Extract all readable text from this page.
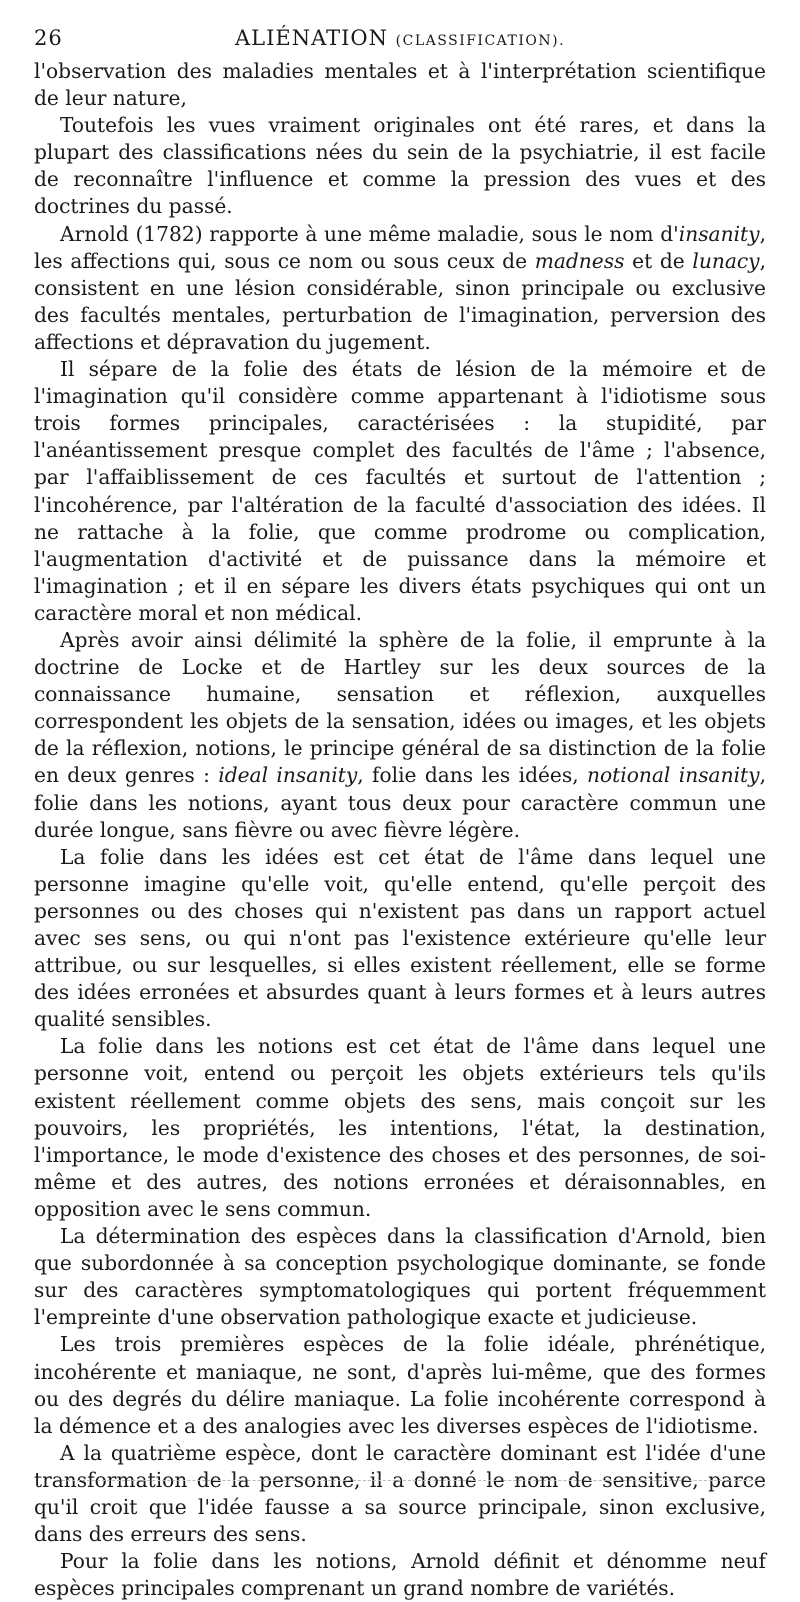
26	ALIÉNATION (CLASSIFICATION).

l'observation des maladies mentales et à l'interprétation scientifique de leur nature,

Toutefois les vues vraiment originales ont été rares, et dans la plupart des classifications nées du sein de la psychiatrie, il est facile de reconnaître l'influence et comme la pression des vues et des doctrines du passé.

Arnold (1782) rapporte à une même maladie, sous le nom d'insanity, les affections qui, sous ce nom ou sous ceux de madness et de lunacy, consistent en une lésion considérable, sinon principale ou exclusive des facultés mentales, perturbation de l'imagination, perversion des affections et dépravation du jugement.

Il sépare de la folie des états de lésion de la mémoire et de l'imagination qu'il considère comme appartenant à l'idiotisme sous trois formes principales, caractérisées : la stupidité, par l'anéantissement presque complet des facultés de l'âme ; l'absence, par l'affaiblissement de ces facultés et surtout de l'attention ; l'incohérence, par l'altération de la faculté d'association des idées. Il ne rattache à la folie, que comme prodrome ou complication, l'augmentation d'activité et de puissance dans la mémoire et l'imagination ; et il en sépare les divers états psychiques qui ont un caractère moral et non médical.

Après avoir ainsi délimité la sphère de la folie, il emprunte à la doctrine de Locke et de Hartley sur les deux sources de la connaissance humaine, sensation et réflexion, auxquelles correspondent les objets de la sensation, idées ou images, et les objets de la réflexion, notions, le principe général de sa distinction de la folie en deux genres : ideal insanity, folie dans les idées, notional insanity, folie dans les notions, ayant tous deux pour caractère commun une durée longue, sans fièvre ou avec fièvre légère.

La folie dans les idées est cet état de l'âme dans lequel une personne imagine qu'elle voit, qu'elle entend, qu'elle perçoit des personnes ou des choses qui n'existent pas dans un rapport actuel avec ses sens, ou qui n'ont pas l'existence extérieure qu'elle leur attribue, ou sur lesquelles, si elles existent réellement, elle se forme des idées erronées et absurdes quant à leurs formes et à leurs autres qualité sensibles.

La folie dans les notions est cet état de l'âme dans lequel une personne voit, entend ou perçoit les objets extérieurs tels qu'ils existent réellement comme objets des sens, mais conçoit sur les pouvoirs, les propriétés, les intentions, l'état, la destination, l'importance, le mode d'existence des choses et des personnes, de soi-même et des autres, des notions erronées et déraisonnables, en opposition avec le sens commun.

La détermination des espèces dans la classification d'Arnold, bien que subordonnée à sa conception psychologique dominante, se fonde sur des caractères symptomatologiques qui portent fréquemment l'empreinte d'une observation pathologique exacte et judicieuse.

Les trois premières espèces de la folie idéale, phrénétique, incohérente et maniaque, ne sont, d'après lui-même, que des formes ou des degrés du délire maniaque. La folie incohérente correspond à la démence et a des analogies avec les diverses espèces de l'idiotisme.

A la quatrième espèce, dont le caractère dominant est l'idée d'une transformation de la personne, il a donné le nom de sensitive, parce qu'il croit que l'idée fausse a sa source principale, sinon exclusive, dans des erreurs des sens.

Pour la folie dans les notions, Arnold définit et dénomme neuf espèces principales comprenant un grand nombre de variétés.
